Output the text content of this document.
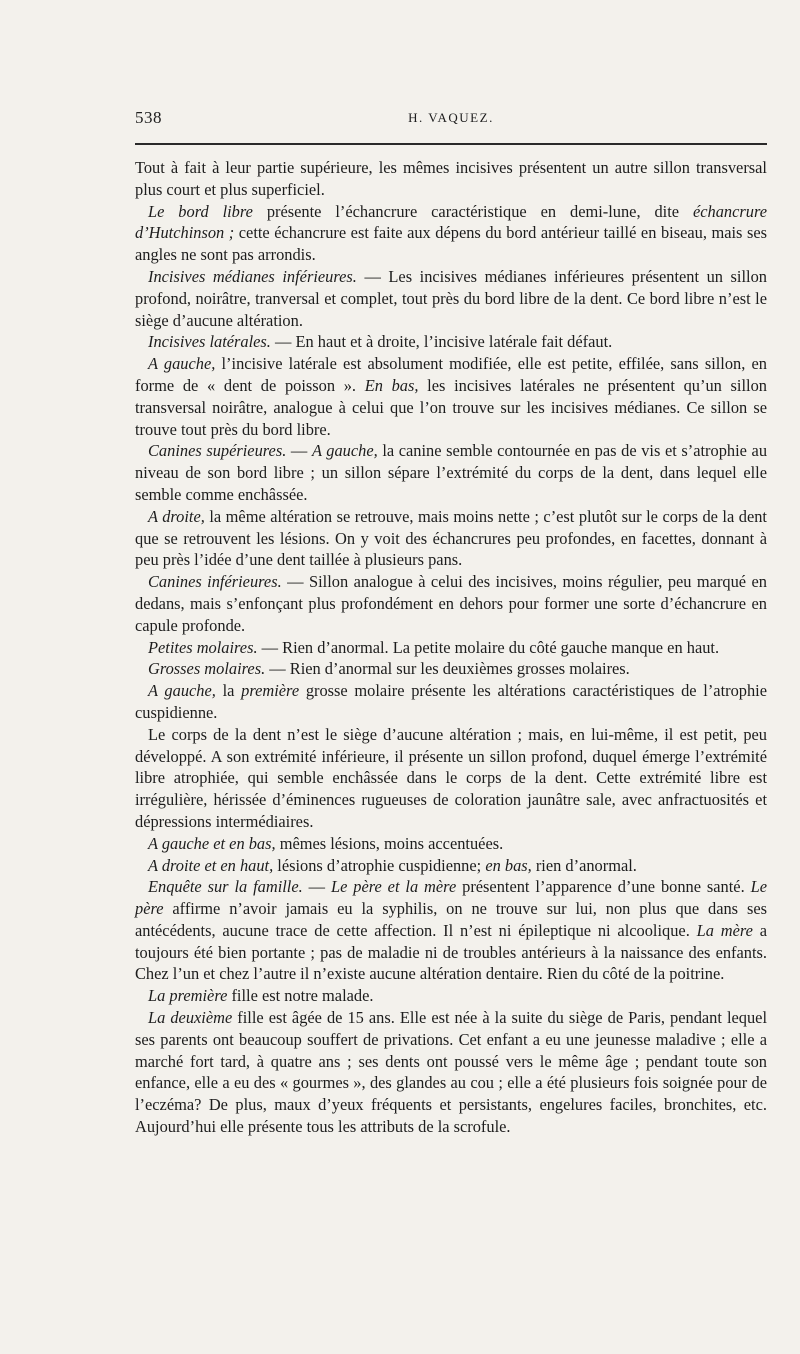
538	H. VAQUEZ.

Tout à fait à leur partie supérieure, les mêmes incisives présentent un autre sillon transversal plus court et plus superficiel.

Le bord libre présente l’échancrure caractéristique en demi-lune, dite échancrure d’Hutchinson ; cette échancrure est faite aux dépens du bord antérieur taillé en biseau, mais ses angles ne sont pas arrondis.

Incisives médianes inférieures. — Les incisives médianes inférieures présentent un sillon profond, noirâtre, tranversal et complet, tout près du bord libre de la dent. Ce bord libre n’est le siège d’aucune altération.

Incisives latérales. — En haut et à droite, l’incisive latérale fait défaut.

A gauche, l’incisive latérale est absolument modifiée, elle est petite, effilée, sans sillon, en forme de « dent de poisson ». En bas, les incisives latérales ne présentent qu’un sillon transversal noirâtre, analogue à celui que l’on trouve sur les incisives médianes. Ce sillon se trouve tout près du bord libre.

Canines supérieures. — A gauche, la canine semble contournée en pas de vis et s’atrophie au niveau de son bord libre ; un sillon sépare l’extrémité du corps de la dent, dans lequel elle semble comme enchâssée.

A droite, la même altération se retrouve, mais moins nette ; c’est plutôt sur le corps de la dent que se retrouvent les lésions. On y voit des échancrures peu profondes, en facettes, donnant à peu près l’idée d’une dent taillée à plusieurs pans.

Canines inférieures. — Sillon analogue à celui des incisives, moins régulier, peu marqué en dedans, mais s’enfonçant plus profondément en dehors pour former une sorte d’échancrure en capule profonde.

Petites molaires. — Rien d’anormal. La petite molaire du côté gauche manque en haut.

Grosses molaires. — Rien d’anormal sur les deuxièmes grosses molaires.

A gauche, la première grosse molaire présente les altérations caractéristiques de l’atrophie cuspidienne.

Le corps de la dent n’est le siège d’aucune altération ; mais, en lui-même, il est petit, peu développé. A son extrémité inférieure, il présente un sillon profond, duquel émerge l’extrémité libre atrophiée, qui semble enchâssée dans le corps de la dent. Cette extrémité libre est irrégulière, hérissée d’éminences rugueuses de coloration jaunâtre sale, avec anfractuosités et dépressions intermédiaires.

A gauche et en bas, mêmes lésions, moins accentuées.

A droite et en haut, lésions d’atrophie cuspidienne; en bas, rien d’anormal.

Enquête sur la famille. — Le père et la mère présentent l’apparence d’une bonne santé. Le père affirme n’avoir jamais eu la syphilis, on ne trouve sur lui, non plus que dans ses antécédents, aucune trace de cette affection. Il n’est ni épileptique ni alcoolique. La mère a toujours été bien portante ; pas de maladie ni de troubles antérieurs à la naissance des enfants. Chez l’un et chez l’autre il n’existe aucune altération dentaire. Rien du côté de la poitrine.

La première fille est notre malade.

La deuxième fille est âgée de 15 ans. Elle est née à la suite du siège de Paris, pendant lequel ses parents ont beaucoup souffert de privations. Cet enfant a eu une jeunesse maladive ; elle a marché fort tard, à quatre ans ; ses dents ont poussé vers le même âge ; pendant toute son enfance, elle a eu des « gourmes », des glandes au cou ; elle a été plusieurs fois soignée pour de l’eczéma? De plus, maux d’yeux fréquents et persistants, engelures faciles, bronchites, etc. Aujourd’hui elle présente tous les attributs de la scrofule.
